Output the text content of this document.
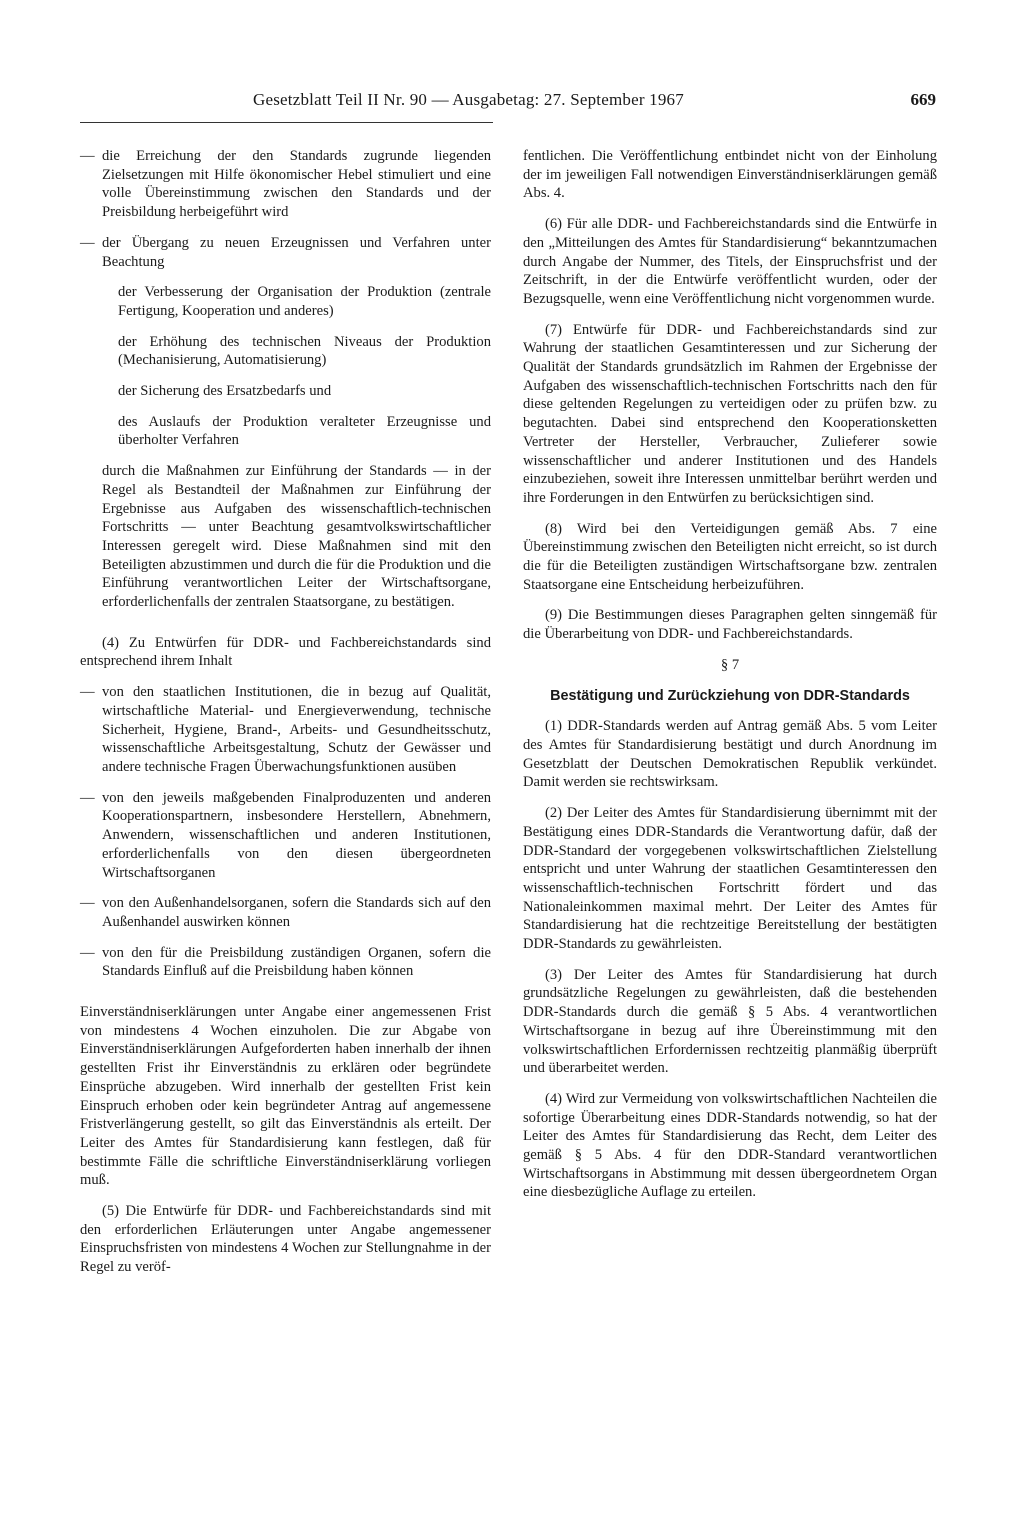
Gesetzblatt Teil II Nr. 90 — Ausgabetag: 27. September 1967	669
— die Erreichung der den Standards zugrunde liegenden Zielsetzungen mit Hilfe ökonomischer Hebel stimuliert und eine volle Übereinstimmung zwischen den Standards und der Preisbildung herbeigeführt wird

— der Übergang zu neuen Erzeugnissen und Verfahren unter Beachtung

der Verbesserung der Organisation der Produktion (zentrale Fertigung, Kooperation und anderes)

der Erhöhung des technischen Niveaus der Produktion (Mechanisierung, Automatisierung)

der Sicherung des Ersatzbedarfs und

des Auslaufs der Produktion veralteter Erzeugnisse und überholter Verfahren

durch die Maßnahmen zur Einführung der Standards — in der Regel als Bestandteil der Maßnahmen zur Einführung der Ergebnisse aus Aufgaben des wissenschaftlich-technischen Fortschritts — unter Beachtung gesamtvolkswirtschaftlicher Interessen geregelt wird. Diese Maßnahmen sind mit den Beteiligten abzustimmen und durch die für die Produktion und die Einführung verantwortlichen Leiter der Wirtschaftsorgane, erforderlichenfalls der zentralen Staatsorgane, zu bestätigen.

(4) Zu Entwürfen für DDR- und Fachbereichstandards sind entsprechend ihrem Inhalt

— von den staatlichen Institutionen, die in bezug auf Qualität, wirtschaftliche Material- und Energieverwendung, technische Sicherheit, Hygiene, Brand-, Arbeits- und Gesundheitsschutz, wissenschaftliche Arbeitsgestaltung, Schutz der Gewässer und andere technische Fragen Überwachungsfunktionen ausüben

— von den jeweils maßgebenden Finalproduzenten und anderen Kooperationspartnern, insbesondere Herstellern, Abnehmern, Anwendern, wissenschaftlichen und anderen Institutionen, erforderlichenfalls von den diesen übergeordneten Wirtschaftsorganen

— von den Außenhandelsorganen, sofern die Standards sich auf den Außenhandel auswirken können

— von den für die Preisbildung zuständigen Organen, sofern die Standards Einfluß auf die Preisbildung haben können

Einverständniserklärungen unter Angabe einer angemessenen Frist von mindestens 4 Wochen einzuholen. Die zur Abgabe von Einverständniserklärungen Aufgeforderten haben innerhalb der ihnen gestellten Frist ihr Einverständnis zu erklären oder begründete Einsprüche abzugeben. Wird innerhalb der gestellten Frist kein Einspruch erhoben oder kein begründeter Antrag auf angemessene Fristverlängerung gestellt, so gilt das Einverständnis als erteilt. Der Leiter des Amtes für Standardisierung kann festlegen, daß für bestimmte Fälle die schriftliche Einverständniserklärung vorliegen muß.

(5) Die Entwürfe für DDR- und Fachbereichstandards sind mit den erforderlichen Erläuterungen unter Angabe angemessener Einspruchsfristen von mindestens 4 Wochen zur Stellungnahme in der Regel zu veröf-

fentlichen. Die Veröffentlichung entbindet nicht von der Einholung der im jeweiligen Fall notwendigen Einverständniserklärungen gemäß Abs. 4.

(6) Für alle DDR- und Fachbereichstandards sind die Entwürfe in den „Mitteilungen des Amtes für Standardisierung“ bekanntzumachen durch Angabe der Nummer, des Titels, der Einspruchsfrist und der Zeitschrift, in der die Entwürfe veröffentlicht wurden, oder der Bezugsquelle, wenn eine Veröffentlichung nicht vorgenommen wurde.

(7) Entwürfe für DDR- und Fachbereichstandards sind zur Wahrung der staatlichen Gesamtinteressen und zur Sicherung der Qualität der Standards grundsätzlich im Rahmen der Ergebnisse der Aufgaben des wissenschaftlich-technischen Fortschritts nach den für diese geltenden Regelungen zu verteidigen oder zu prüfen bzw. zu begutachten. Dabei sind entsprechend den Kooperationsketten Vertreter der Hersteller, Verbraucher, Zulieferer sowie wissenschaftlicher und anderer Institutionen und des Handels einzubeziehen, soweit ihre Interessen unmittelbar berührt werden und ihre Forderungen in den Entwürfen zu berücksichtigen sind.

(8) Wird bei den Verteidigungen gemäß Abs. 7 eine Übereinstimmung zwischen den Beteiligten nicht erreicht, so ist durch die für die Beteiligten zuständigen Wirtschaftsorgane bzw. zentralen Staatsorgane eine Entscheidung herbeizuführen.

(9) Die Bestimmungen dieses Paragraphen gelten sinngemäß für die Überarbeitung von DDR- und Fachbereichstandards.

§ 7

Bestätigung und Zurückziehung von DDR-Standards

(1) DDR-Standards werden auf Antrag gemäß Abs. 5 vom Leiter des Amtes für Standardisierung bestätigt und durch Anordnung im Gesetzblatt der Deutschen Demokratischen Republik verkündet. Damit werden sie rechtswirksam.

(2) Der Leiter des Amtes für Standardisierung übernimmt mit der Bestätigung eines DDR-Standards die Verantwortung dafür, daß der DDR-Standard der vorgegebenen volkswirtschaftlichen Zielstellung entspricht und unter Wahrung der staatlichen Gesamtinteressen den wissenschaftlich-technischen Fortschritt fördert und das Nationaleinkommen maximal mehrt. Der Leiter des Amtes für Standardisierung hat die rechtzeitige Bereitstellung der bestätigten DDR-Standards zu gewährleisten.

(3) Der Leiter des Amtes für Standardisierung hat durch grundsätzliche Regelungen zu gewährleisten, daß die bestehenden DDR-Standards durch die gemäß § 5 Abs. 4 verantwortlichen Wirtschaftsorgane in bezug auf ihre Übereinstimmung mit den volkswirtschaftlichen Erfordernissen rechtzeitig planmäßig überprüft und überarbeitet werden.

(4) Wird zur Vermeidung von volkswirtschaftlichen Nachteilen die sofortige Überarbeitung eines DDR-Standards notwendig, so hat der Leiter des Amtes für Standardisierung das Recht, dem Leiter des gemäß § 5 Abs. 4 für den DDR-Standard verantwortlichen Wirtschaftsorgans in Abstimmung mit dessen übergeordnetem Organ eine diesbezügliche Auflage zu erteilen.
